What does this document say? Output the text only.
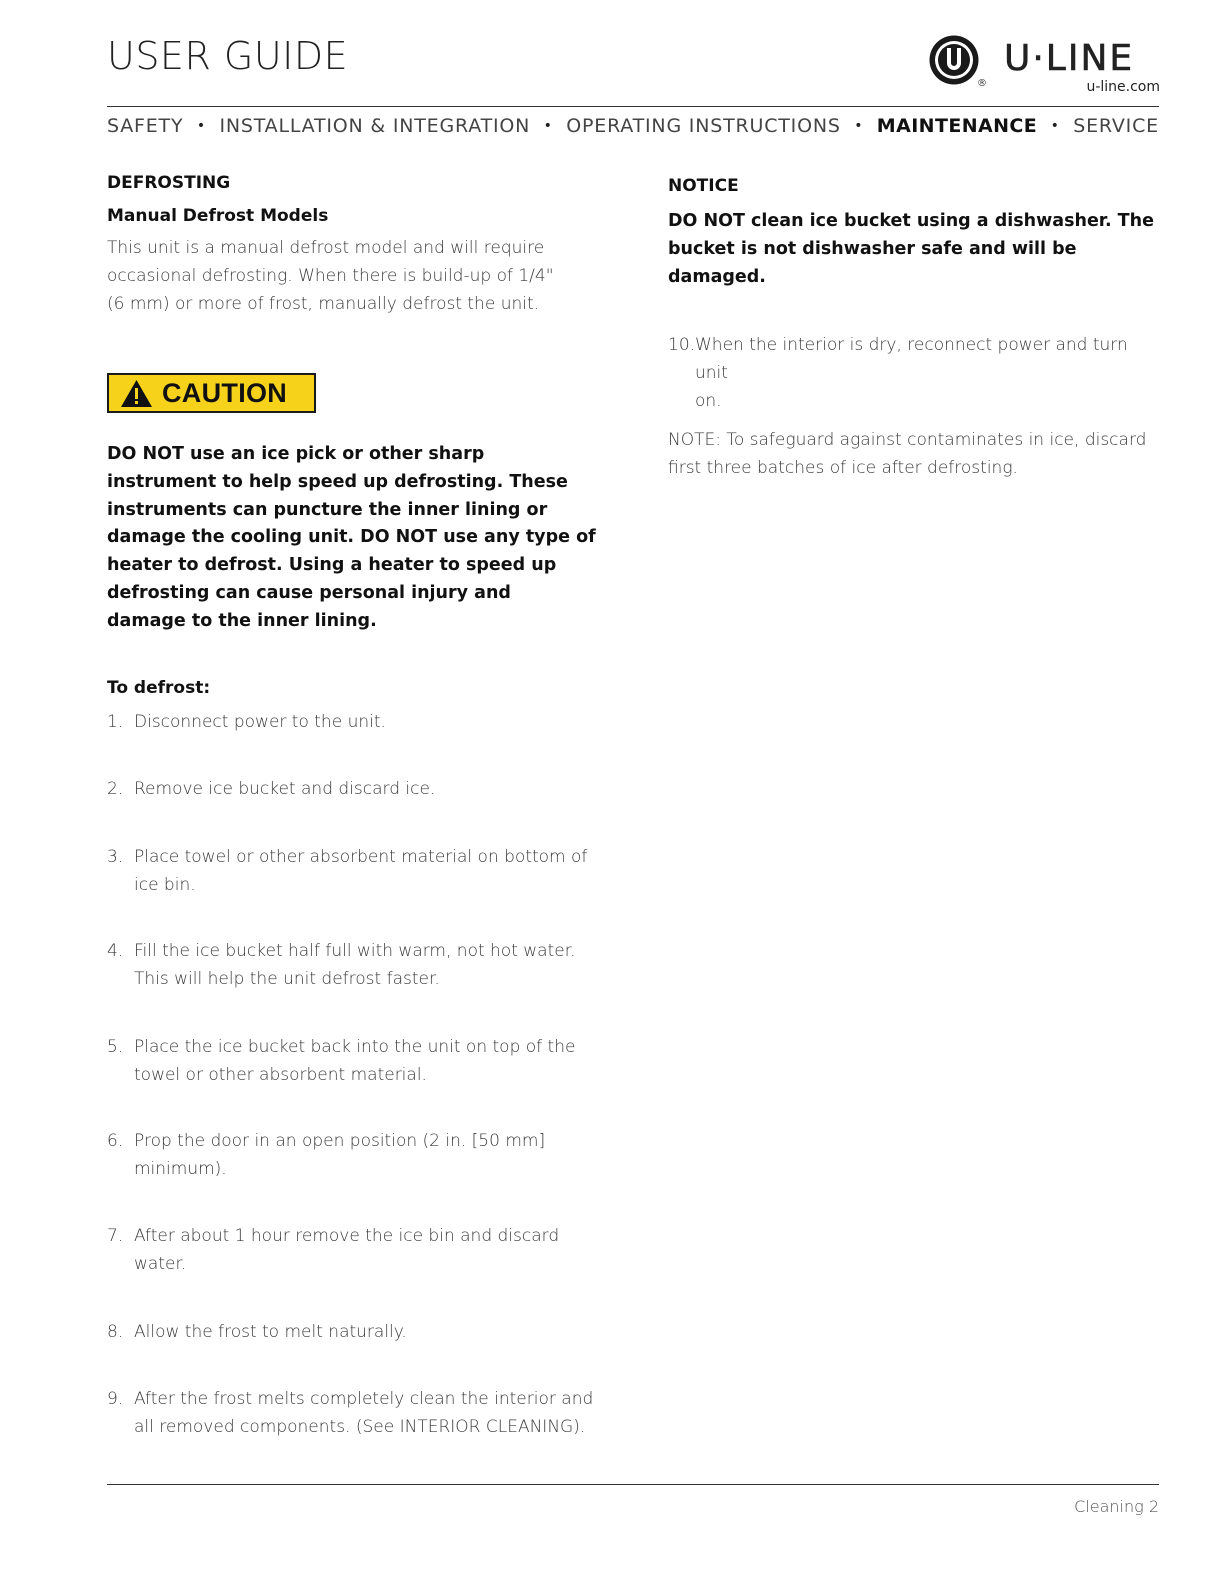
USER GUIDE
®
U·LINE
u-line.com
SAFETY • INSTALLATION & INTEGRATION • OPERATING INSTRUCTIONS • MAINTENANCE • SERVICE

DEFROSTING

Manual Defrost Models

This unit is a manual defrost model and will require

occasional defrosting. When there is build-up of 1/4"

(6 mm) or more of frost, manually defrost the unit.

CAUTION

DO NOT use an ice pick or other sharp

instrument to help speed up defrosting. These

instruments can puncture the inner lining or

damage the cooling unit. DO NOT use any type of

heater to defrost. Using a heater to speed up

defrosting can cause personal injury and

damage to the inner lining.

To defrost:

1. Disconnect power to the unit.
2. Remove ice bucket and discard ice.
3. Place towel or other absorbent material on bottom of
ice bin.
4. Fill the ice bucket half full with warm, not hot water.
This will help the unit defrost faster.
5. Place the ice bucket back into the unit on top of the
towel or other absorbent material.
6. Prop the door in an open position (2 in. [50 mm]
minimum).
7. After about 1 hour remove the ice bin and discard
water.
8. Allow the frost to melt naturally.
9. After the frost melts completely clean the interior and
all removed components. (See INTERIOR CLEANING).

NOTICE

DO NOT clean ice bucket using a dishwasher. The

bucket is not dishwasher safe and will be

damaged.

10. When the interior is dry, reconnect power and turn unit
on.

NOTE: To safeguard against contaminates in ice, discard

first three batches of ice after defrosting.

Cleaning 2
